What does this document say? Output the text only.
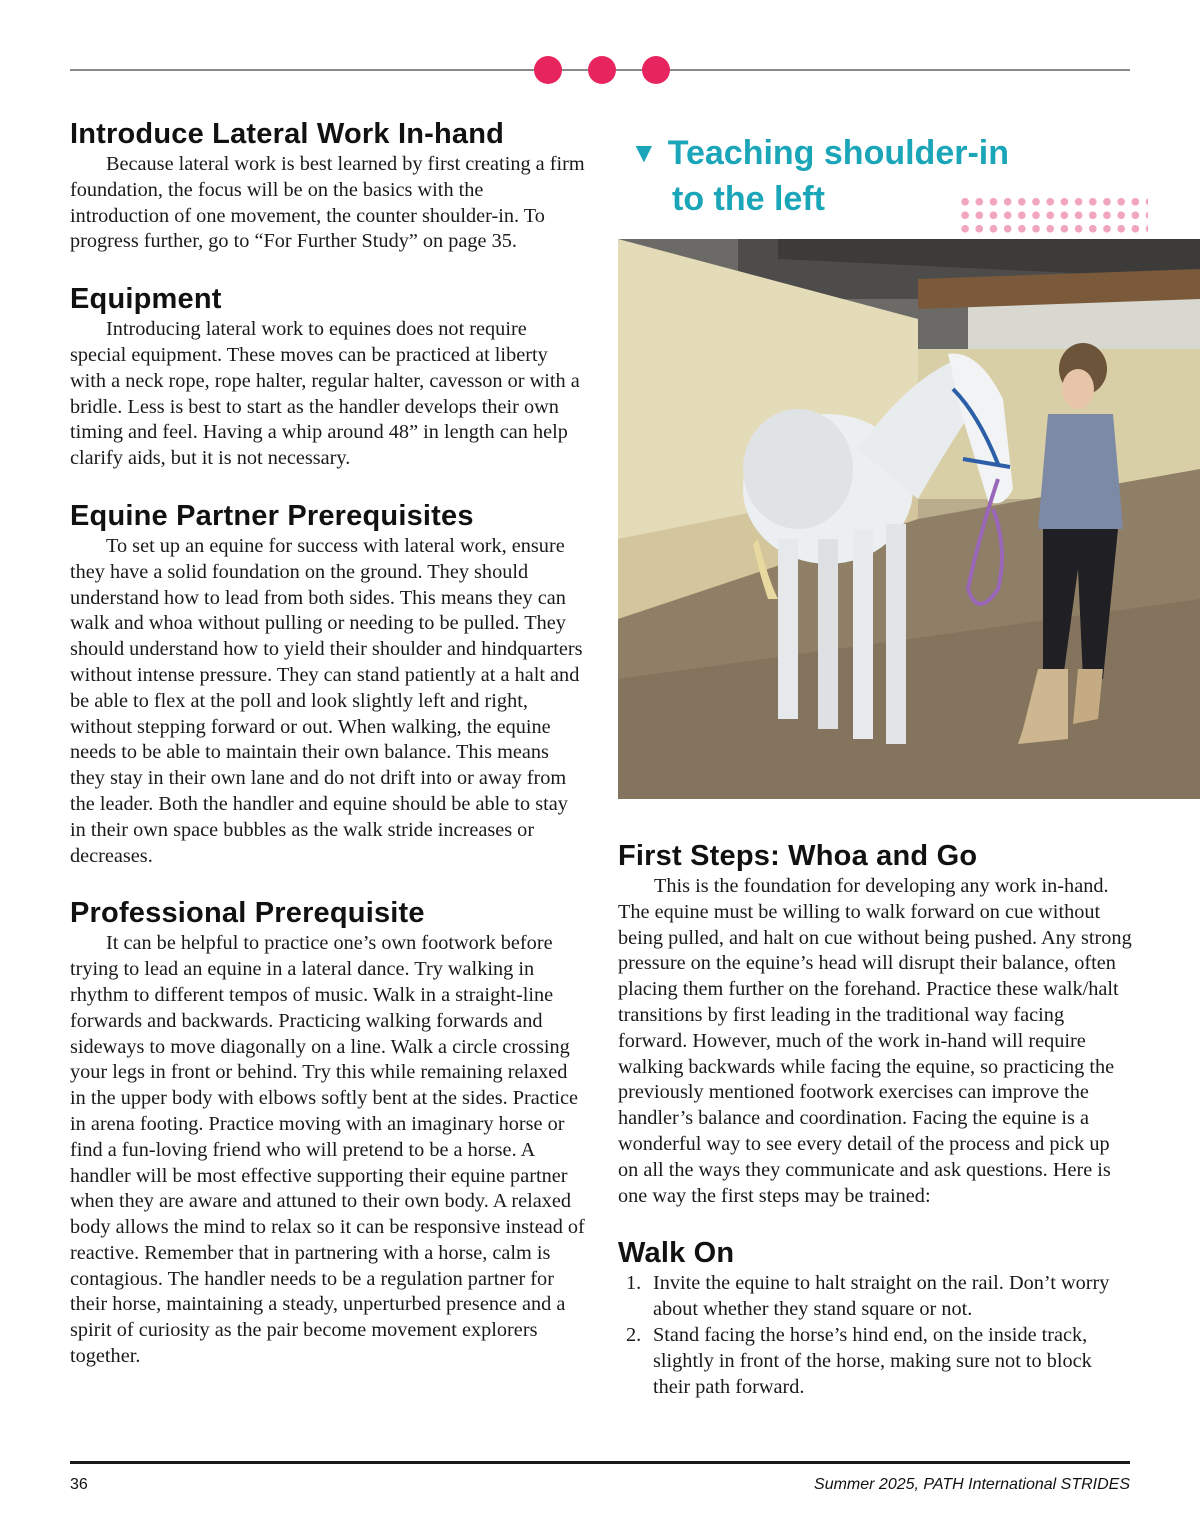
Introduce Lateral Work In-hand

Because lateral work is best learned by first creating a firm foundation, the focus will be on the basics with the introduction of one movement, the counter shoulder-in. To progress further, go to “For Further Study” on page 35.

Equipment

Introducing lateral work to equines does not require special equipment. These moves can be practiced at liberty with a neck rope, rope halter, regular halter, cavesson or with a bridle. Less is best to start as the handler develops their own timing and feel. Having a whip around 48” in length can help clarify aids, but it is not necessary.

Equine Partner Prerequisites

To set up an equine for success with lateral work, ensure they have a solid foundation on the ground. They should understand how to lead from both sides. This means they can walk and whoa without pulling or needing to be pulled. They should understand how to yield their shoulder and hindquarters without intense pressure. They can stand patiently at a halt and be able to flex at the poll and look slightly left and right, without stepping forward or out. When walking, the equine needs to be able to maintain their own balance. This means they stay in their own lane and do not drift into or away from the leader. Both the handler and equine should be able to stay in their own space bubbles as the walk stride increases or decreases.

Professional Prerequisite

It can be helpful to practice one’s own footwork before trying to lead an equine in a lateral dance. Try walking in rhythm to different tempos of music. Walk in a straight-line forwards and backwards. Practicing walking forwards and sideways to move diagonally on a line. Walk a circle crossing your legs in front or behind. Try this while remaining relaxed in the upper body with elbows softly bent at the sides. Practice in arena footing. Practice moving with an imaginary horse or find a fun-loving friend who will pretend to be a horse. A handler will be most effective supporting their equine partner when they are aware and attuned to their own body. A relaxed body allows the mind to relax so it can be responsive instead of reactive. Remember that in partnering with a horse, calm is contagious. The handler needs to be a regulation partner for their horse, maintaining a steady, unperturbed presence and a spirit of curiosity as the pair become movement explorers together.

▼ Teaching shoulder-in
to the left
First Steps: Whoa and Go

This is the foundation for developing any work in-hand. The equine must be willing to walk forward on cue without being pulled, and halt on cue without being pushed. Any strong pressure on the equine’s head will disrupt their balance, often placing them further on the forehand. Practice these walk/halt transitions by first leading in the traditional way facing forward. However, much of the work in-hand will require walking backwards while facing the equine, so practicing the previously mentioned footwork exercises can improve the handler’s balance and coordination. Facing the equine is a wonderful way to see every detail of the process and pick up on all the ways they communicate and ask questions. Here is one way the first steps may be trained:

Walk On
1. Invite the equine to halt straight on the rail. Don’t worry about whether they stand square or not.
2. Stand facing the horse’s hind end, on the inside track, slightly in front of the horse, making sure not to block their path forward.
36	Summer 2025, PATH International STRIDES
